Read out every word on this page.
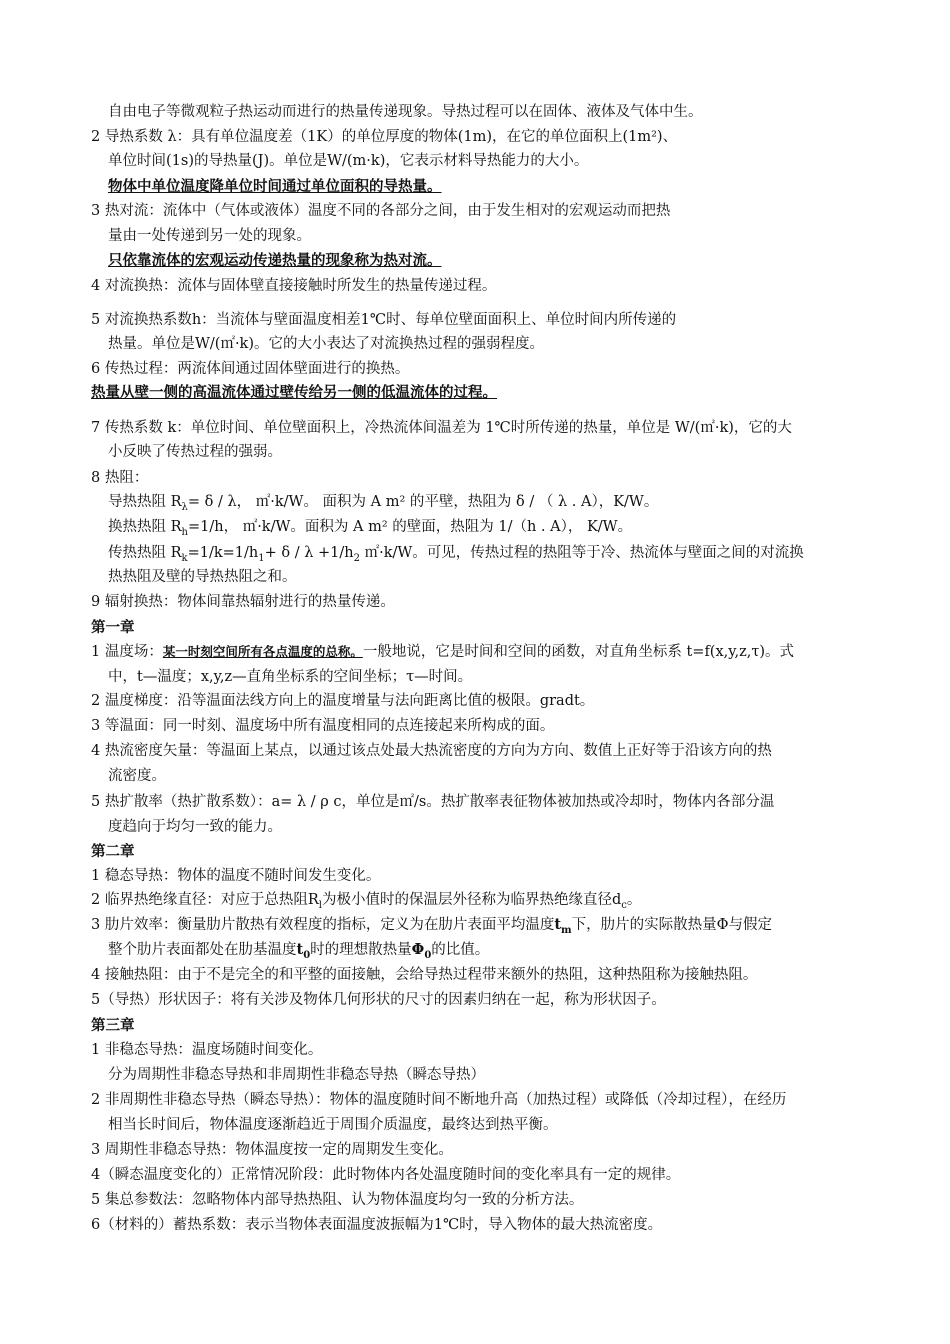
自由电子等微观粒子热运动而进行的热量传递现象。导热过程可以在固体、液体及气体中生。
2 导热系数 λ：具有单位温度差（1K）的单位厚度的物体(1m)，在它的单位面积上(1m²)、
单位时间(1s)的导热量(J)。单位是W/(m·k)，它表示材料导热能力的大小。
物体中单位温度降单位时间通过单位面积的导热量。
3 热对流：流体中（气体或液体）温度不同的各部分之间，由于发生相对的宏观运动而把热
量由一处传递到另一处的现象。
只依靠流体的宏观运动传递热量的现象称为热对流。
4 对流换热：流体与固体壁直接接触时所发生的热量传递过程。
5 对流换热系数h：当流体与壁面温度相差1℃时、每单位壁面面积上、单位时间内所传递的
热量。单位是W/(㎡·k)。它的大小表达了对流换热过程的强弱程度。
6 传热过程：两流体间通过固体壁面进行的换热。
热量从壁一侧的高温流体通过壁传给另一侧的低温流体的过程。
7 传热系数 k：单位时间、单位壁面积上，冷热流体间温差为 1℃时所传递的热量，单位是 W/(㎡·k)，它的大
小反映了传热过程的强弱。
8 热阻：
导热热阻 $R_\lambda= \delta / \lambda$， ㎡·k/W。 面积为 A m² 的平壁，热阻为 δ / （ λ . A），K/W。
换热热阻 $R_h=1/h$， ㎡·k/W。面积为 A m² 的壁面，热阻为 1/（h . A）， K/W。
传热热阻 $R_k=1/k=1/h_1+ \delta / \lambda +1/h_2$ ㎡·k/W。可见，传热过程的热阻等于冷、热流体与壁面之间的对流换
热热阻及壁的导热热阻之和。
9 辐射换热：物体间靠热辐射进行的热量传递。
第一章
1 温度场：某一时刻空间所有各点温度的总称。一般地说，它是时间和空间的函数，对直角坐标系 t=f(x,y,z,τ)。式
中，t—温度；x,y,z—直角坐标系的空间坐标；τ—时间。
2 温度梯度：沿等温面法线方向上的温度增量与法向距离比值的极限。gradt。
3 等温面：同一时刻、温度场中所有温度相同的点连接起来所构成的面。
4 热流密度矢量：等温面上某点，以通过该点处最大热流密度的方向为方向、数值上正好等于沿该方向的热
流密度。
5 热扩散率（热扩散系数）：a= λ / ρ c，单位是㎡/s。热扩散率表征物体被加热或冷却时，物体内各部分温
度趋向于均匀一致的能力。
第二章
1 稳态导热：物体的温度不随时间发生变化。
2 临界热绝缘直径：对应于总热阻$R_l$为极小值时的保温层外径称为临界热绝缘直径$d_c$。
3 肋片效率：衡量肋片散热有效程度的指标，定义为在肋片表面平均温度$t_m$下，肋片的实际散热量Φ与假定
整个肋片表面都处在肋基温度$t_0$时的理想散热量$\Phi_0$的比值。
4 接触热阻：由于不是完全的和平整的面接触，会给导热过程带来额外的热阻，这种热阻称为接触热阻。
5（导热）形状因子：将有关涉及物体几何形状的尺寸的因素归纳在一起，称为形状因子。
第三章
1 非稳态导热：温度场随时间变化。
分为周期性非稳态导热和非周期性非稳态导热（瞬态导热）
2 非周期性非稳态导热（瞬态导热）：物体的温度随时间不断地升高（加热过程）或降低（冷却过程），在经历
相当长时间后，物体温度逐渐趋近于周围介质温度，最终达到热平衡。
3 周期性非稳态导热：物体温度按一定的周期发生变化。
4（瞬态温度变化的）正常情况阶段：此时物体内各处温度随时间的变化率具有一定的规律。
5 集总参数法：忽略物体内部导热热阻、认为物体温度均匀一致的分析方法。
6（材料的）蓄热系数：表示当物体表面温度波振幅为1℃时，导入物体的最大热流密度。
